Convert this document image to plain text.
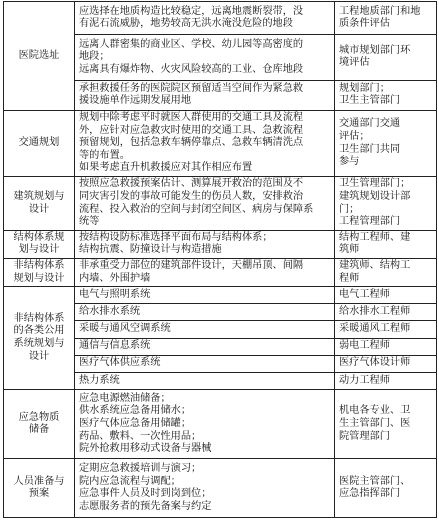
医院选址	应选择在地质构造比较稳定，远离地震断裂带，没
有泥石流威胁，地势较高无洪水淹没危险的地段	工程地质部门和地
质条件评估

	远离人群密集的商业区、学校、幼儿园等高密度的
地段；
远离具有爆炸物、火灾风险较高的工业、仓库地段	城市规划部门环
境评估

	承担救援任务的医院院区预留适当空间作为紧急救
援设施单作远期发展用地	规划部门；
卫生主管部门

交通规划	规划中除考虑平时就医人群使用的交通工具及流程
外，应针对应急救灾时使用的交通工具、急救流程
预留规划，包括急救车辆停靠点、急救车辆清洗点
等的布置。
如果考虑直升机救援应对其作相应布置	交通部门交通
评估；
卫生部门共同
参与

建筑规划与
设计	按照应急救援预案估计、测算展开救治的范围及不
同灾害引发的事故可能发生的伤员人数，安排救治
流程、投入救治的空间与封闭空间区、病房与保障系
统等	卫生管理部门；
建筑规划设计部
门；
工程管理部门

结构体系规
划与设计	按结构设防标准选择平面布局与结构体系；
结构抗震、防撞设计与构造措施	结构工程师、建
筑师

非结构体系
规划与设计	非承重受力部位的建筑部件设计，天棚吊顶、间隔
内墙、外围护墙	建筑师、结构工
程师

非结构体系
的各类公用
系统规划与
设计	电气与照明系统	电气工程师

	给水排水系统	给水排水工程师

	采暖与通风空调系统	采暖通风工程师

	通信与信息系统	弱电工程师

	医疗气体供应系统	医疗气体设计师

	热力系统	动力工程师

应急物质
储备	应急电源燃油储备；
供水系统应急备用储水；
医疗气体应急备用储罐；
药品、敷料、一次性用品；
院外抢救用移动式设备与器械	机电各专业、卫
生主管部门、医
院管理部门

人员准备与
预案	定期应急救援培训与演习；
院内应急流程与调配；
应急事件人员及时到岗到位；
志愿服务者的预先备案与约定	医院主管部门、
应急指挥部门
